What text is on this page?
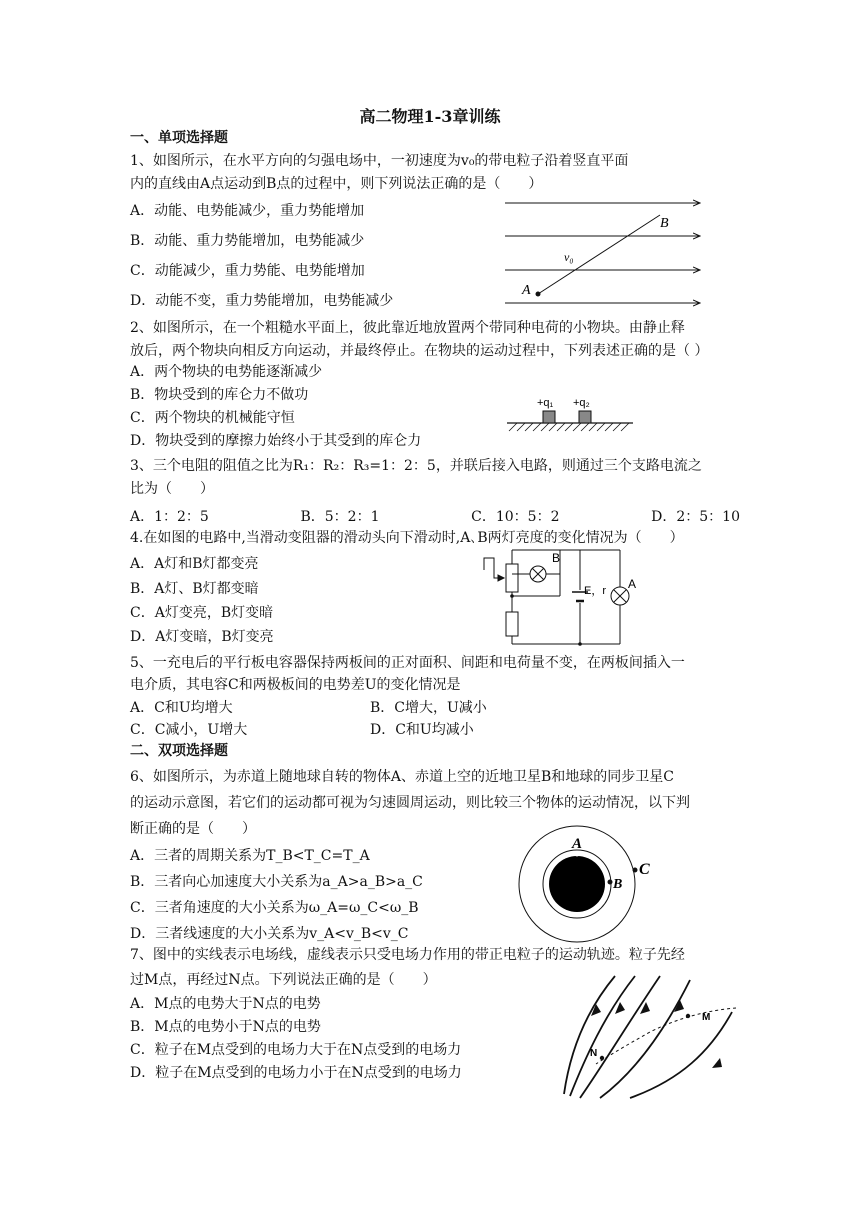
高二物理1-3章训练
一、单项选择题
1、如图所示，在水平方向的匀强电场中，一初速度为v₀的带电粒子沿着竖直平面
内的直线由A点运动到B点的过程中，则下列说法正确的是（　　）
A．动能、电势能减少，重力势能增加
B．动能、重力势能增加，电势能减少
C．动能减少，重力势能、电势能增加
D．动能不变，重力势能增加，电势能减少
A
B
v₀
2、如图所示，在一个粗糙水平面上，彼此靠近地放置两个带同种电荷的小物块。由静止释
放后，两个物块向相反方向运动，并最终停止。在物块的运动过程中，下列表述正确的是（ ）
A．两个物块的电势能逐渐减少
B．物块受到的库仑力不做功
C．两个物块的机械能守恒
D．物块受到的摩擦力始终小于其受到的库仑力
+q₁ +q₂
3、三个电阻的阻值之比为R₁：R₂：R₃=1：2：5，并联后接入电路，则通过三个支路电流之
比为（　　）
A．1：2：5	B．5：2：1	C．10：5：2	D．2：5：10
4.在如图的电路中,当滑动变阻器的滑动头向下滑动时,A､B两灯亮度的变化情况为（　　）
A．A灯和B灯都变亮
B．A灯、B灯都变暗
C．A灯变亮，B灯变暗
D．A灯变暗，B灯变亮
B
E，r A
5、一充电后的平行板电容器保持两板间的正对面积、间距和电荷量不变，在两板间插入一
电介质，其电容C和两极板间的电势差U的变化情况是
A．C和U均增大	B．C增大，U减小
C．C减小，U增大	D．C和U均减小
二、双项选择题
6、如图所示，为赤道上随地球自转的物体A、赤道上空的近地卫星B和地球的同步卫星C
的运动示意图，若它们的运动都可视为匀速圆周运动，则比较三个物体的运动情况，以下判
断正确的是（　　）
A．三者的周期关系为T_B<T_C=T_A
B．三者向心加速度大小关系为a_A>a_B>a_C
C．三者角速度的大小关系为ω_A=ω_C<ω_B
D．三者线速度的大小关系为v_A<v_B<v_C
A
B
C
7、图中的实线表示电场线，虚线表示只受电场力作用的带正电粒子的运动轨迹。粒子先经
过M点，再经过N点。下列说法正确的是（　　）
A．M点的电势大于N点的电势
B．M点的电势小于N点的电势
C．粒子在M点受到的电场力大于在N点受到的电场力
D．粒子在M点受到的电场力小于在N点受到的电场力
M
N
